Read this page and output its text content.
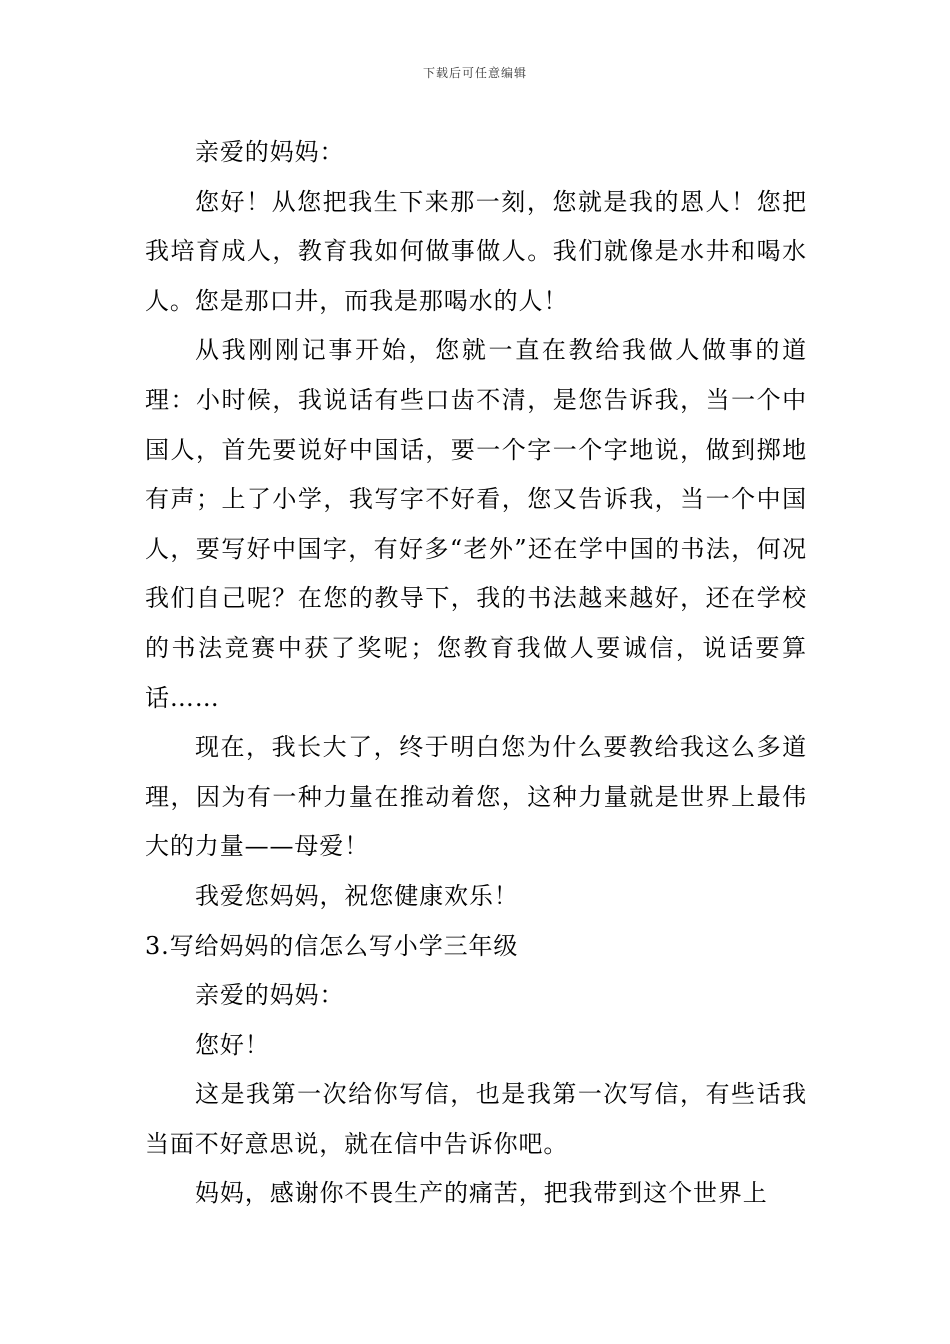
下载后可任意编辑

亲爱的妈妈：

您好！从您把我生下来那一刻，您就是我的恩人！您把我培育成人，教育我如何做事做人。我们就像是水井和喝水人。您是那口井，而我是那喝水的人！

从我刚刚记事开始，您就一直在教给我做人做事的道理：小时候，我说话有些口齿不清，是您告诉我，当一个中国人，首先要说好中国话，要一个字一个字地说，做到掷地有声；上了小学，我写字不好看，您又告诉我，当一个中国人，要写好中国字，有好多“老外”还在学中国的书法，何况我们自己呢？在您的教导下，我的书法越来越好，还在学校的书法竞赛中获了奖呢；您教育我做人要诚信，说话要算话……

现在，我长大了，终于明白您为什么要教给我这么多道理，因为有一种力量在推动着您，这种力量就是世界上最伟大的力量——母爱！

我爱您妈妈，祝您健康欢乐！

3.写给妈妈的信怎么写小学三年级

亲爱的妈妈：

您好！

这是我第一次给你写信，也是我第一次写信，有些话我当面不好意思说，就在信中告诉你吧。

妈妈，感谢你不畏生产的痛苦，把我带到这个世界上
